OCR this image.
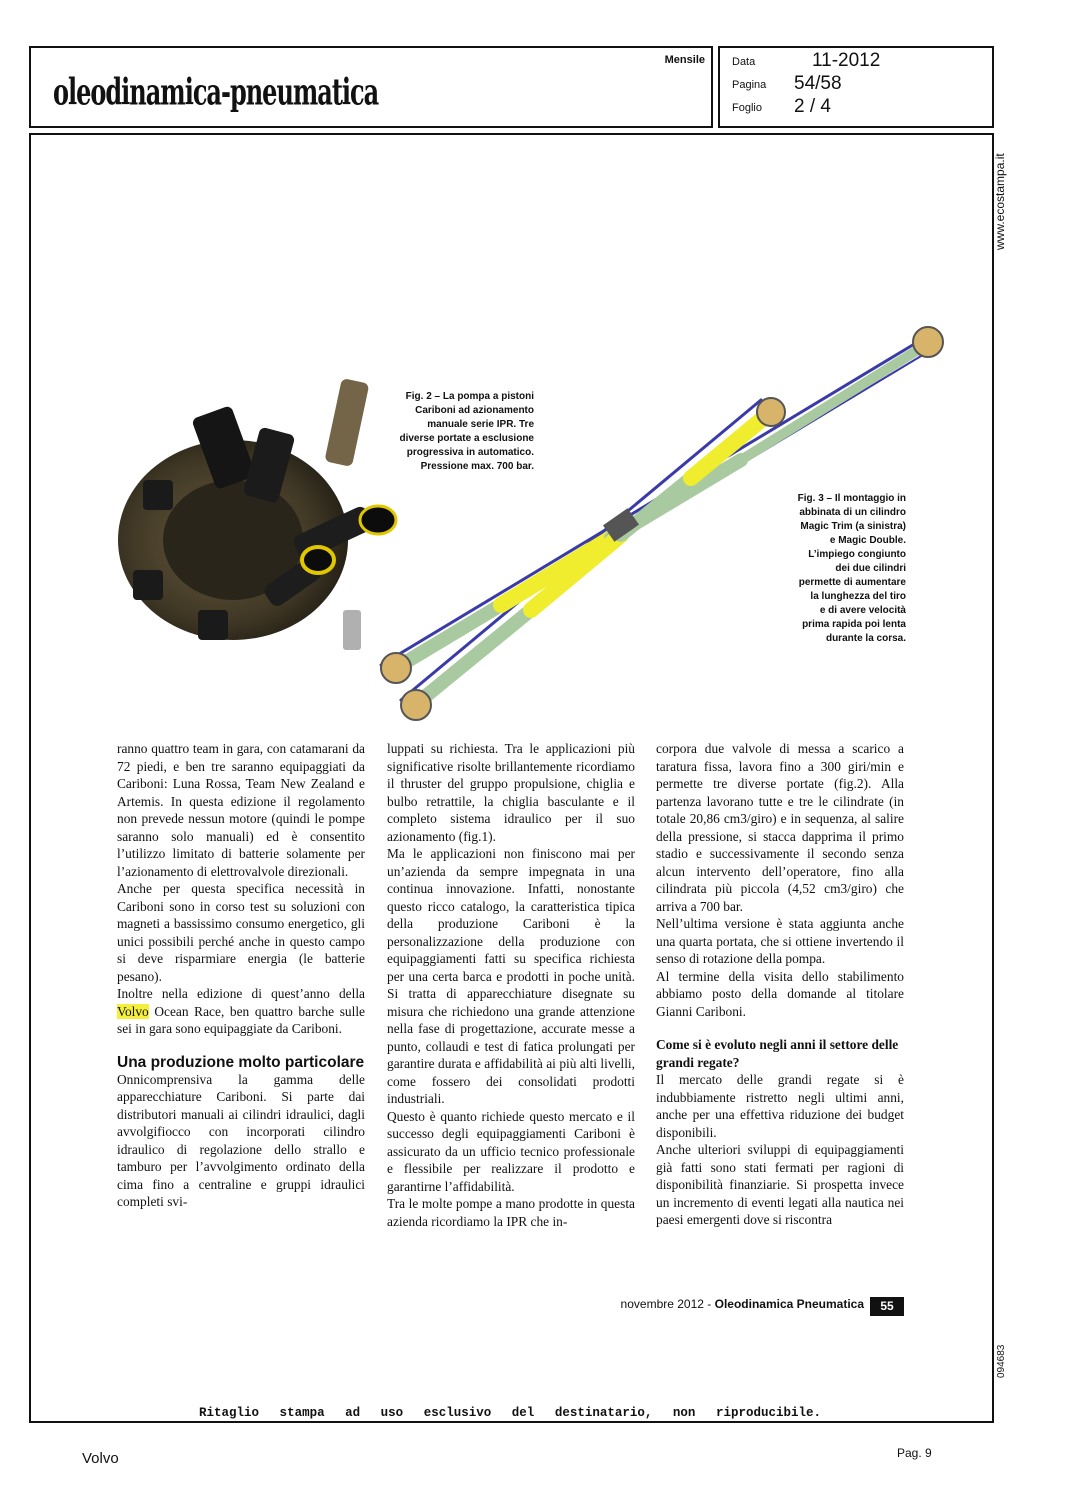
oleodinamica-pneumatica
Mensile Data	11-2012
Pagina 54/58
Foglio 2 / 4
www.ecostampa.it
Fig. 2 – La pompa a pistoni
Cariboni ad azionamento
manuale serie IPR. Tre
diverse portate a esclusione
progressiva in automatico.
Pressione max. 700 bar.
Fig. 3 – Il montaggio in
abbinata di un cilindro
Magic Trim (a sinistra)
e Magic Double.
L’impiego congiunto
dei due cilindri
permette di aumentare
la lunghezza del tiro
e di avere velocità
prima rapida poi lenta
durante la corsa.

ranno quattro team in gara, con catamarani da 72 piedi, e ben tre saranno equipaggiati da Cariboni: Luna Rossa, Team New Zealand e Artemis. In questa edizione il regolamento non prevede nessun motore (quindi le pompe saranno solo manuali) ed è consentito l’utilizzo limitato di batterie solamente per l’azionamento di elettrovalvole direzionali.

Anche per questa specifica necessità in Cariboni sono in corso test su soluzioni con magneti a bassissimo consumo energetico, gli unici possibili perché anche in questo campo si deve risparmiare energia (le batterie pesano).

Inoltre nella edizione di quest’anno della Volvo Ocean Race, ben quattro barche sulle sei in gara sono equipaggiate da Cariboni.

Una produzione molto particolare

Onnicomprensiva la gamma delle apparecchiature Cariboni. Si parte dai distributori manuali ai cilindri idraulici, dagli avvolgifiocco con incorporati cilindro idraulico di regolazione dello strallo e tamburo per l’avvolgimento ordinato della cima fino a centraline e gruppi idraulici completi svi-

luppati su richiesta. Tra le applicazioni più significative risolte brillantemente ricordiamo il thruster del gruppo propulsione, chiglia e bulbo retrattile, la chiglia basculante e il completo sistema idraulico per il suo azionamento (fig.1).

Ma le applicazioni non finiscono mai per un’azienda da sempre impegnata in una continua innovazione. Infatti, nonostante questo ricco catalogo, la caratteristica tipica della produzione Cariboni è la personalizzazione della produzione con equipaggiamenti fatti su specifica richiesta per una certa barca e prodotti in poche unità. Si tratta di apparecchiature disegnate su misura che richiedono una grande attenzione nella fase di progettazione, accurate messe a punto, collaudi e test di fatica prolungati per garantire durata e affidabilità ai più alti livelli, come fossero dei consolidati prodotti industriali.

Questo è quanto richiede questo mercato e il successo degli equipaggiamenti Cariboni è assicurato da un ufficio tecnico professionale e flessibile per realizzare il prodotto e garantirne l’affidabilità.

Tra le molte pompe a mano prodotte in questa azienda ricordiamo la IPR che in-

corpora due valvole di messa a scarico a taratura fissa, lavora fino a 300 giri/min e permette tre diverse portate (fig.2). Alla partenza lavorano tutte e tre le cilindrate (in totale 20,86 cm3/giro) e in sequenza, al salire della pressione, si stacca dapprima il primo stadio e successivamente il secondo senza alcun intervento dell’operatore, fino alla cilindrata più piccola (4,52 cm3/giro) che arriva a 700 bar.

Nell’ultima versione è stata aggiunta anche una quarta portata, che si ottiene invertendo il senso di rotazione della pompa.

Al termine della visita dello stabilimento abbiamo posto della domande al titolare Gianni Cariboni.

Come si è evoluto negli anni il settore delle grandi regate?

Il mercato delle grandi regate si è indubbiamente ristretto negli ultimi anni, anche per una effettiva riduzione dei budget disponibili.

Anche ulteriori sviluppi di equipaggiamenti già fatti sono stati fermati per ragioni di disponibilità finanziarie. Si prospetta invece un incremento di eventi legati alla nautica nei paesi emergenti dove si riscontra

novembre 2012 - Oleodinamica Pneumatica	55
094683
Ritaglio stampa ad uso esclusivo del destinatario, non riproducibile.
Volvo	Pag. 9
